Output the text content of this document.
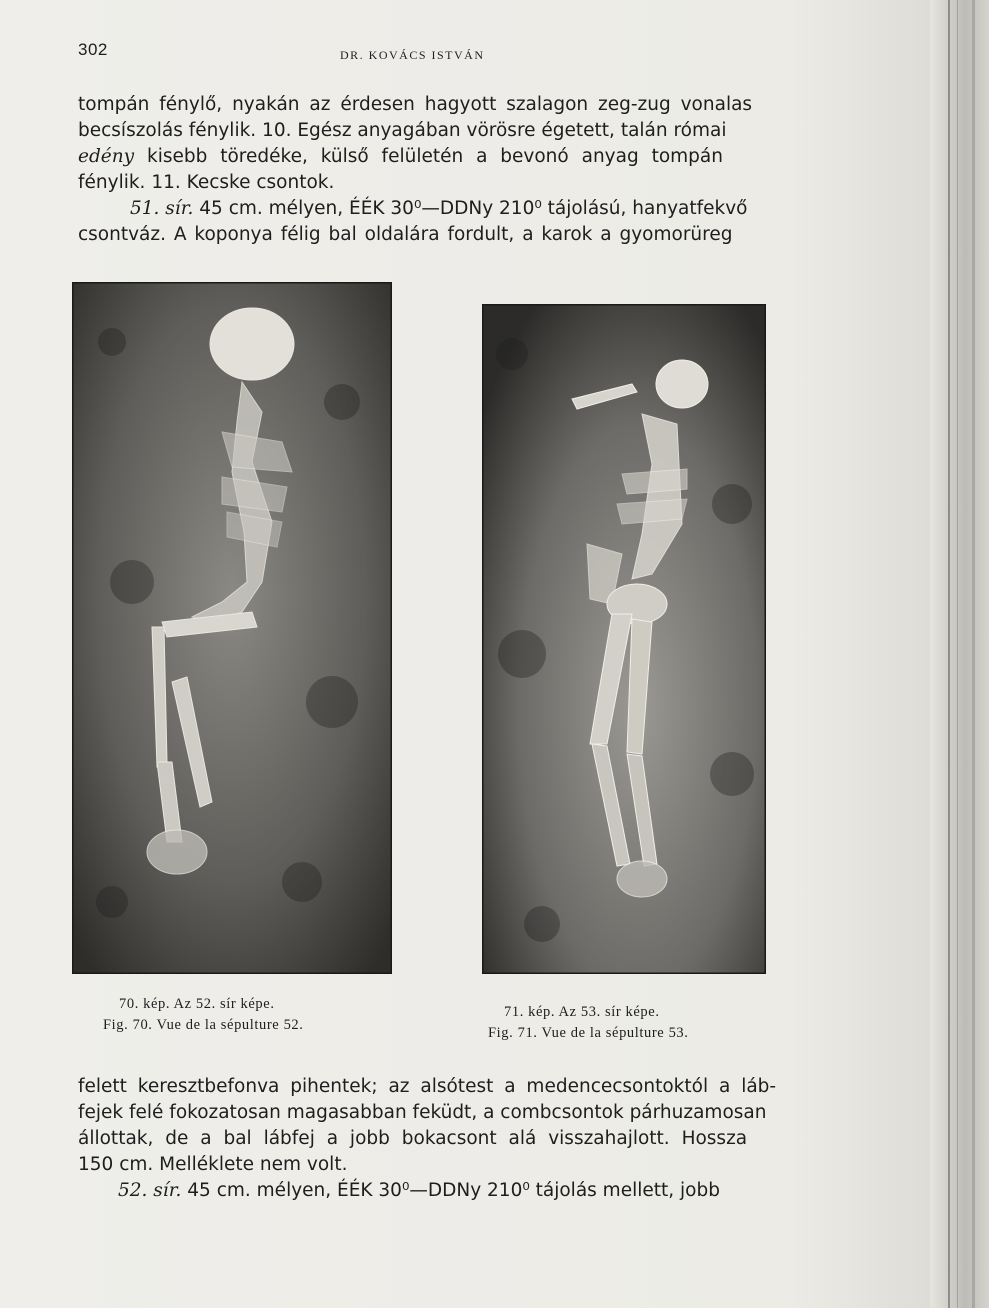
302	DR. KOVÁCS ISTVÁN
tompán fénylő, nyakán az érdesen hagyott szalagon zeg-zug vonalas
becsíszolás fénylik. 10. Egész anyagában vörösre égetett, talán római
edény kisebb töredéke, külső felületén a bevonó anyag tompán
fénylik. 11. Kecske csontok.
51. sír. 45 cm. mélyen, ÉÉK 30⁰—DDNy 210⁰ tájolású, hanyatfekvő
csontváz. A koponya félig bal oldalára fordult, a karok a gyomorüreg
70. kép. Az 52. sír képe.
Fig. 70. Vue de la sépulture 52.
71. kép. Az 53. sír képe.
Fig. 71. Vue de la sépulture 53.
felett keresztbefonva pihentek; az alsótest a medencecsontoktól a láb-
fejek felé fokozatosan magasabban feküdt, a combcsontok párhuzamosan
állottak, de a bal lábfej a jobb bokacsont alá visszahajlott. Hossza
150 cm. Melléklete nem volt.
52. sír. 45 cm. mélyen, ÉÉK 30⁰—DDNy 210⁰ tájolás mellett, jobb
